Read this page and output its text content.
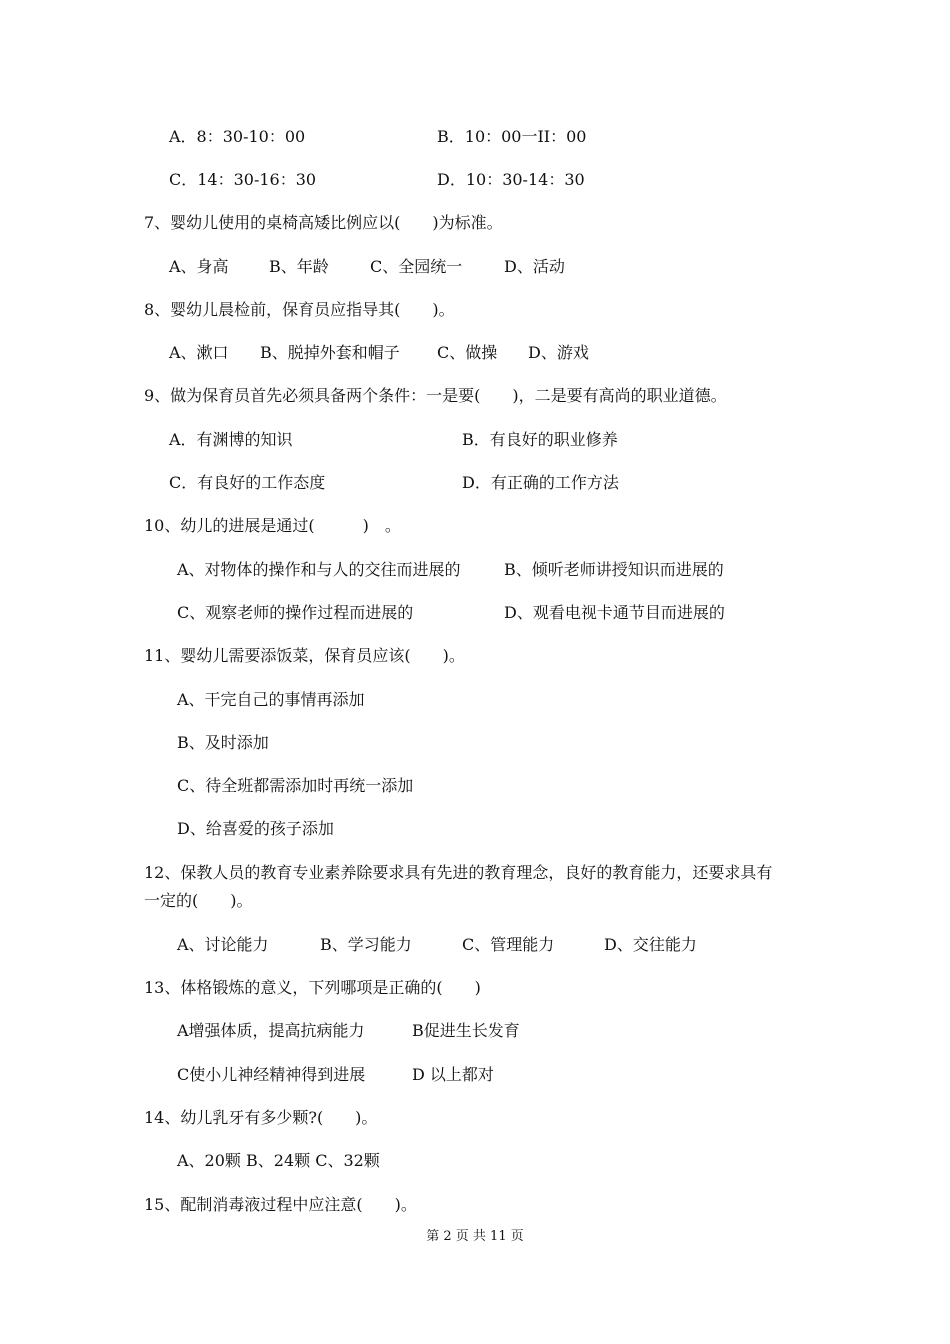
A．8：30-10：00	B．10：00一II：00
C．14：30-16：30	D．10：30-14：30

7、婴幼儿使用的桌椅高矮比例应以(　　)为标准。

A、身高	B、年龄	C、全园统一	D、活动

8、婴幼儿晨检前，保育员应指导其(　　)。

A、漱口 B、脱掉外套和帽子 C、做操 D、游戏

9、做为保育员首先必须具备两个条件：一是要(　　)，二是要有高尚的职业道德。

A．有渊博的知识	B．有良好的职业修养
C．有良好的工作态度	D．有正确的工作方法

10、幼儿的进展是通过(　　　)　。

A、对物体的操作和与人的交往而进展的	B、倾听老师讲授知识而进展的
C、观察老师的操作过程而进展的	D、观看电视卡通节目而进展的

11、婴幼儿需要添饭菜，保育员应该(　　)。

A、干完自己的事情再添加
B、及时添加
C、待全班都需添加时再统一添加
D、给喜爱的孩子添加

12、保教人员的教育专业素养除要求具有先进的教育理念，良好的教育能力，还要求具有

一定的(　　)。

A、讨论能力	B、学习能力	C、管理能力	D、交往能力

13、体格锻炼的意义，下列哪项是正确的(　　)

A增强体质，提高抗病能力	B促进生长发育
C使小儿神经精神得到进展	D 以上都对

14、幼儿乳牙有多少颗?(　　)。

A、20颗 B、24颗 C、32颗

15、配制消毒液过程中应注意(　　)。

第 2 页 共 11 页
